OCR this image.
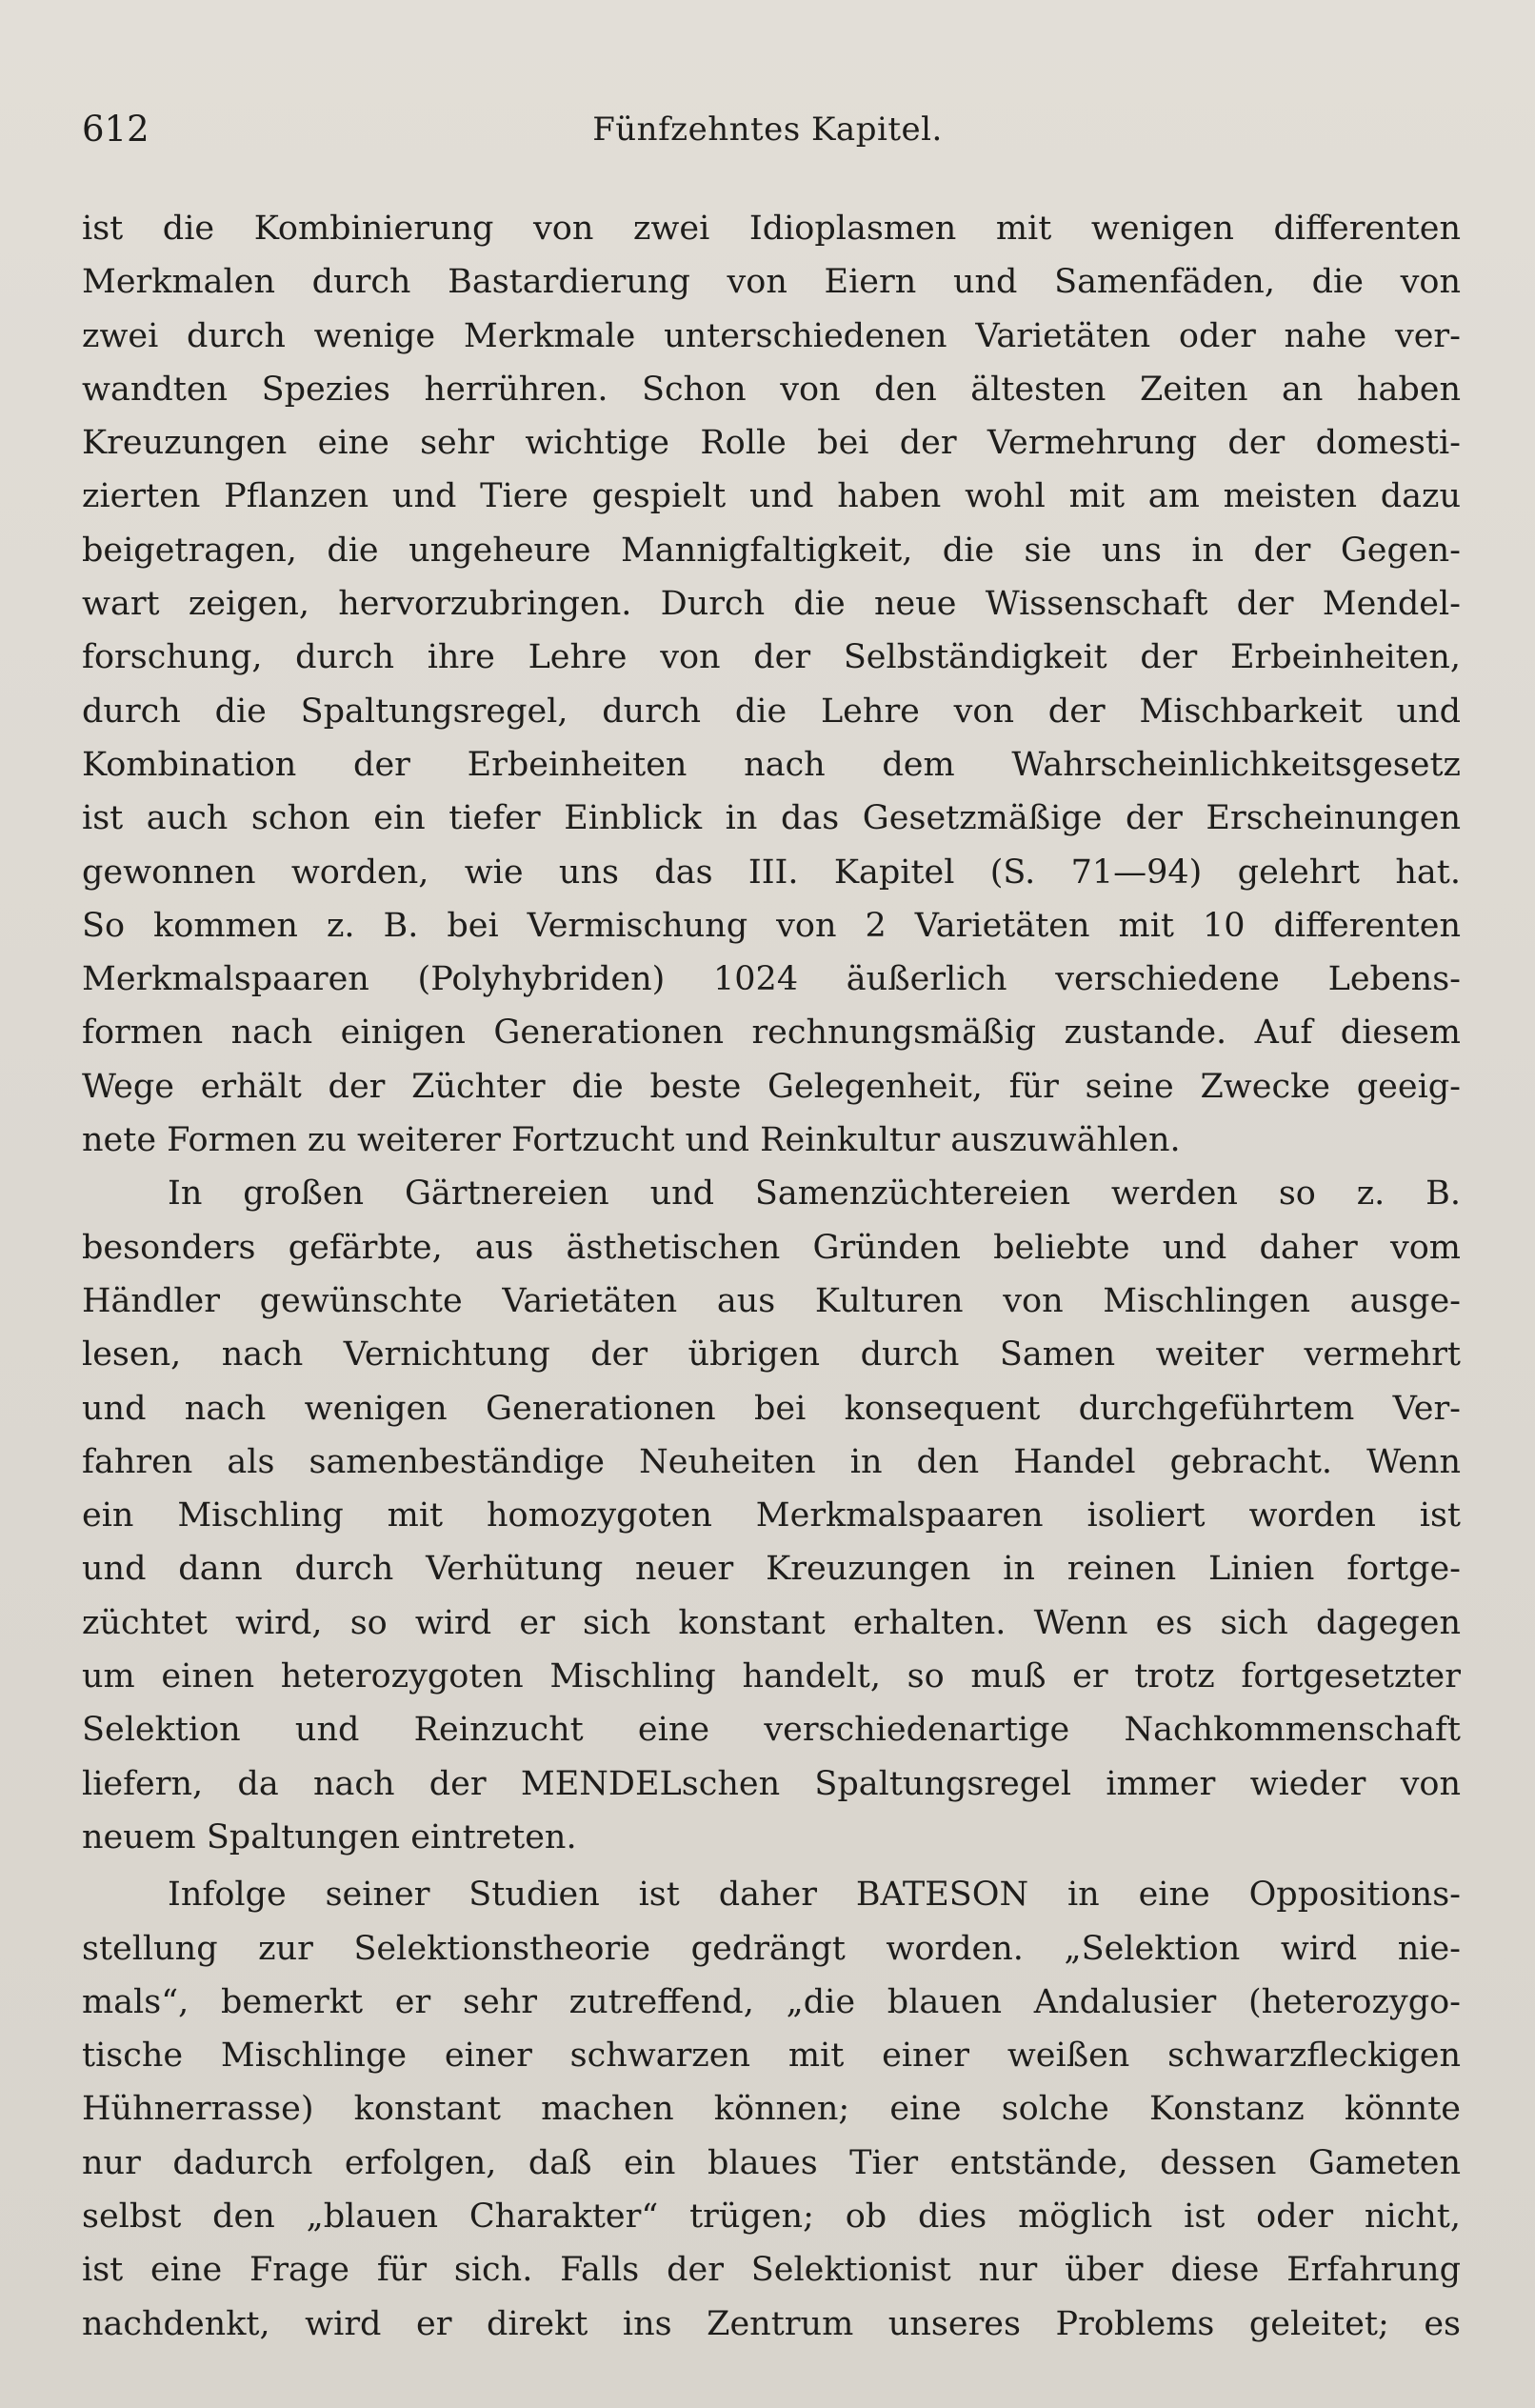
612	Fünfzehntes Kapitel.
ist die Kombinierung von zwei Idioplasmen mit wenigen differenten
Merkmalen durch Bastardierung von Eiern und Samenfäden, die von
zwei durch wenige Merkmale unterschiedenen Varietäten oder nahe ver-
wandten Spezies herrühren. Schon von den ältesten Zeiten an haben
Kreuzungen eine sehr wichtige Rolle bei der Vermehrung der domesti-
zierten Pflanzen und Tiere gespielt und haben wohl mit am meisten dazu
beigetragen, die ungeheure Mannigfaltigkeit, die sie uns in der Gegen-
wart zeigen, hervorzubringen. Durch die neue Wissenschaft der Mendel-
forschung, durch ihre Lehre von der Selbständigkeit der Erbeinheiten,
durch die Spaltungsregel, durch die Lehre von der Mischbarkeit und
Kombination der Erbeinheiten nach dem Wahrscheinlichkeitsgesetz
ist auch schon ein tiefer Einblick in das Gesetzmäßige der Erscheinungen
gewonnen worden, wie uns das III. Kapitel (S. 71—94) gelehrt hat.
So kommen z. B. bei Vermischung von 2 Varietäten mit 10 differenten
Merkmalspaaren (Polyhybriden) 1024 äußerlich verschiedene Lebens-
formen nach einigen Generationen rechnungsmäßig zustande. Auf diesem
Wege erhält der Züchter die beste Gelegenheit, für seine Zwecke geeig-
nete Formen zu weiterer Fortzucht und Reinkultur auszuwählen.
In großen Gärtnereien und Samenzüchtereien werden so z. B.
besonders gefärbte, aus ästhetischen Gründen beliebte und daher vom
Händler gewünschte Varietäten aus Kulturen von Mischlingen ausge-
lesen, nach Vernichtung der übrigen durch Samen weiter vermehrt
und nach wenigen Generationen bei konsequent durchgeführtem Ver-
fahren als samenbeständige Neuheiten in den Handel gebracht. Wenn
ein Mischling mit homozygoten Merkmalspaaren isoliert worden ist
und dann durch Verhütung neuer Kreuzungen in reinen Linien fortge-
züchtet wird, so wird er sich konstant erhalten. Wenn es sich dagegen
um einen heterozygoten Mischling handelt, so muß er trotz fortgesetzter
Selektion und Reinzucht eine verschiedenartige Nachkommenschaft
liefern, da nach der MENDELschen Spaltungsregel immer wieder von
neuem Spaltungen eintreten.
Infolge seiner Studien ist daher BATESON in eine Oppositions-
stellung zur Selektionstheorie gedrängt worden. „Selektion wird nie-
mals“, bemerkt er sehr zutreffend, „die blauen Andalusier (heterozygo-
tische Mischlinge einer schwarzen mit einer weißen schwarzfleckigen
Hühnerrasse) konstant machen können; eine solche Konstanz könnte
nur dadurch erfolgen, daß ein blaues Tier entstände, dessen Gameten
selbst den „blauen Charakter“ trügen; ob dies möglich ist oder nicht,
ist eine Frage für sich. Falls der Selektionist nur über diese Erfahrung
nachdenkt, wird er direkt ins Zentrum unseres Problems geleitet; es
